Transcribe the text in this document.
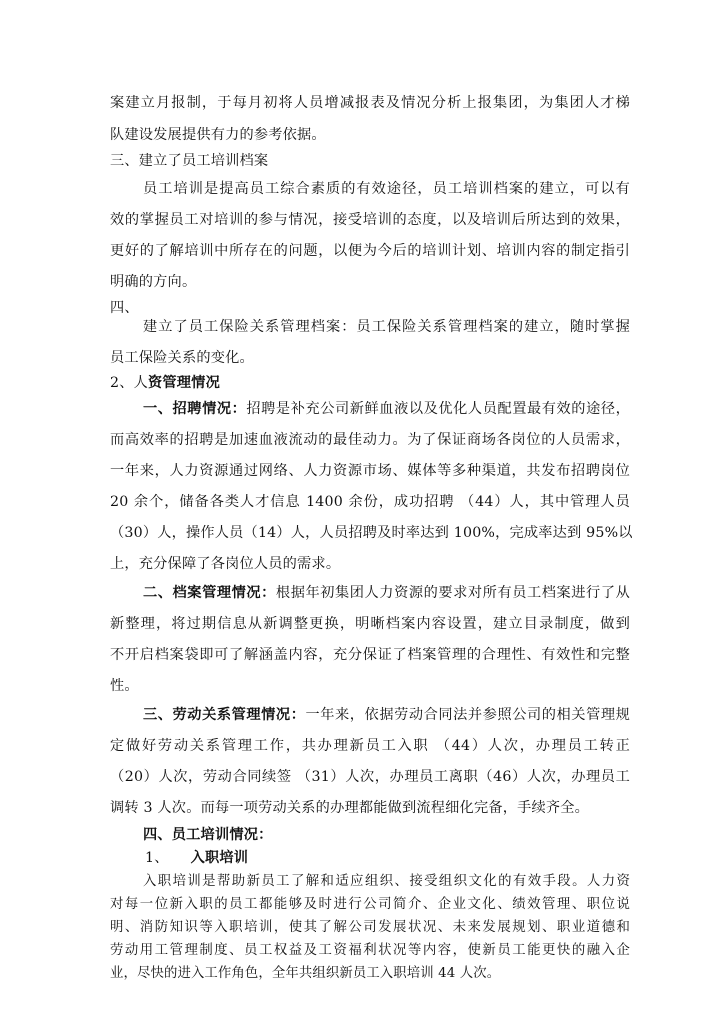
案建立月报制，于每月初将人员增减报表及情况分析上报集团，为集团人才梯
队建设发展提供有力的参考依据。
三、建立了员工培训档案
员工培训是提高员工综合素质的有效途径，员工培训档案的建立，可以有
效的掌握员工对培训的参与情况，接受培训的态度，以及培训后所达到的效果，
更好的了解培训中所存在的问题，以便为今后的培训计划、培训内容的制定指引
明确的方向。
四、
建立了员工保险关系管理档案：员工保险关系管理档案的建立，随时掌握
员工保险关系的变化。
2、人资管理情况
一、招聘情况：招聘是补充公司新鲜血液以及优化人员配置最有效的途径，
而高效率的招聘是加速血液流动的最佳动力。为了保证商场各岗位的人员需求，
一年来，人力资源通过网络、人力资源市场、媒体等多种渠道，共发布招聘岗位
20 余个，储备各类人才信息 1400 余份，成功招聘 （44）人，其中管理人员
（30）人，操作人员（14）人，人员招聘及时率达到 100%，完成率达到 95%以
上，充分保障了各岗位人员的需求。
二、档案管理情况：根据年初集团人力资源的要求对所有员工档案进行了从
新整理，将过期信息从新调整更换，明晰档案内容设置，建立目录制度，做到
不开启档案袋即可了解涵盖内容，充分保证了档案管理的合理性、有效性和完整
性。
三、劳动关系管理情况：一年来，依据劳动合同法并参照公司的相关管理规
定做好劳动关系管理工作，共办理新员工入职 （44）人次，办理员工转正
（20）人次，劳动合同续签 （31）人次，办理员工离职（46）人次，办理员工
调转 3 人次。而每一项劳动关系的办理都能做到流程细化完备，手续齐全。
四、员工培训情况：
1、 入职培训
入职培训是帮助新员工了解和适应组织、接受组织文化的有效手段。人力资
对每一位新入职的员工都能够及时进行公司简介、企业文化、绩效管理、职位说
明、消防知识等入职培训，使其了解公司发展状况、未来发展规划、职业道德和
劳动用工管理制度、员工权益及工资福利状况等内容，使新员工能更快的融入企
业，尽快的进入工作角色，全年共组织新员工入职培训 44 人次。
